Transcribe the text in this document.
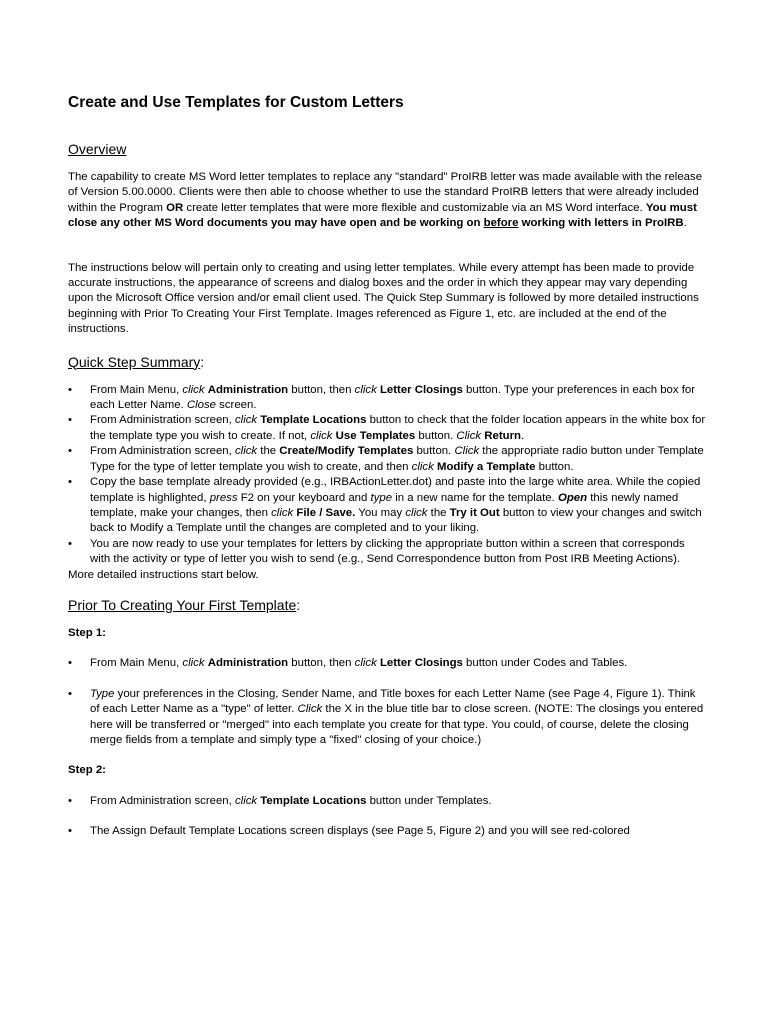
Create and Use Templates for Custom Letters
Overview

The capability to create MS Word letter templates to replace any "standard" ProIRB letter was made available with the release of Version 5.00.0000. Clients were then able to choose whether to use the standard ProIRB letters that were already included within the Program OR create letter templates that were more flexible and customizable via an MS Word interface. You must close any other MS Word documents you may have open and be working on before working with letters in ProIRB.

The instructions below will pertain only to creating and using letter templates. While every attempt has been made to provide accurate instructions, the appearance of screens and dialog boxes and the order in which they appear may vary depending upon the Microsoft Office version and/or email client used. The Quick Step Summary is followed by more detailed instructions beginning with Prior To Creating Your First Template. Images referenced as Figure 1, etc. are included at the end of the instructions.

Quick Step Summary:
• From Main Menu, click Administration button, then click Letter Closings button. Type your preferences in each box for each Letter Name. Close screen.
• From Administration screen, click Template Locations button to check that the folder location appears in the white box for the template type you wish to create. If not, click Use Templates button. Click Return.
• From Administration screen, click the Create/Modify Templates button. Click the appropriate radio button under Template Type for the type of letter template you wish to create, and then click Modify a Template button.
• Copy the base template already provided (e.g., IRBActionLetter.dot) and paste into the large white area. While the copied template is highlighted, press F2 on your keyboard and type in a new name for the template. Open this newly named template, make your changes, then click File / Save. You may click the Try it Out button to view your changes and switch back to Modify a Template until the changes are completed and to your liking.
• You are now ready to use your templates for letters by clicking the appropriate button within a screen that corresponds with the activity or type of letter you wish to send (e.g., Send Correspondence button from Post IRB Meeting Actions).

More detailed instructions start below.

Prior To Creating Your First Template:

Step 1:

• From Main Menu, click Administration button, then click Letter Closings button under Codes and Tables.
• Type your preferences in the Closing, Sender Name, and Title boxes for each Letter Name (see Page 4, Figure 1). Think of each Letter Name as a "type" of letter. Click the X in the blue title bar to close screen. (NOTE: The closings you entered here will be transferred or "merged" into each template you create for that type. You could, of course, delete the closing merge fields from a template and simply type a "fixed" closing of your choice.)

Step 2:

• From Administration screen, click Template Locations button under Templates.
• The Assign Default Template Locations screen displays (see Page 5, Figure 2) and you will see red-colored
